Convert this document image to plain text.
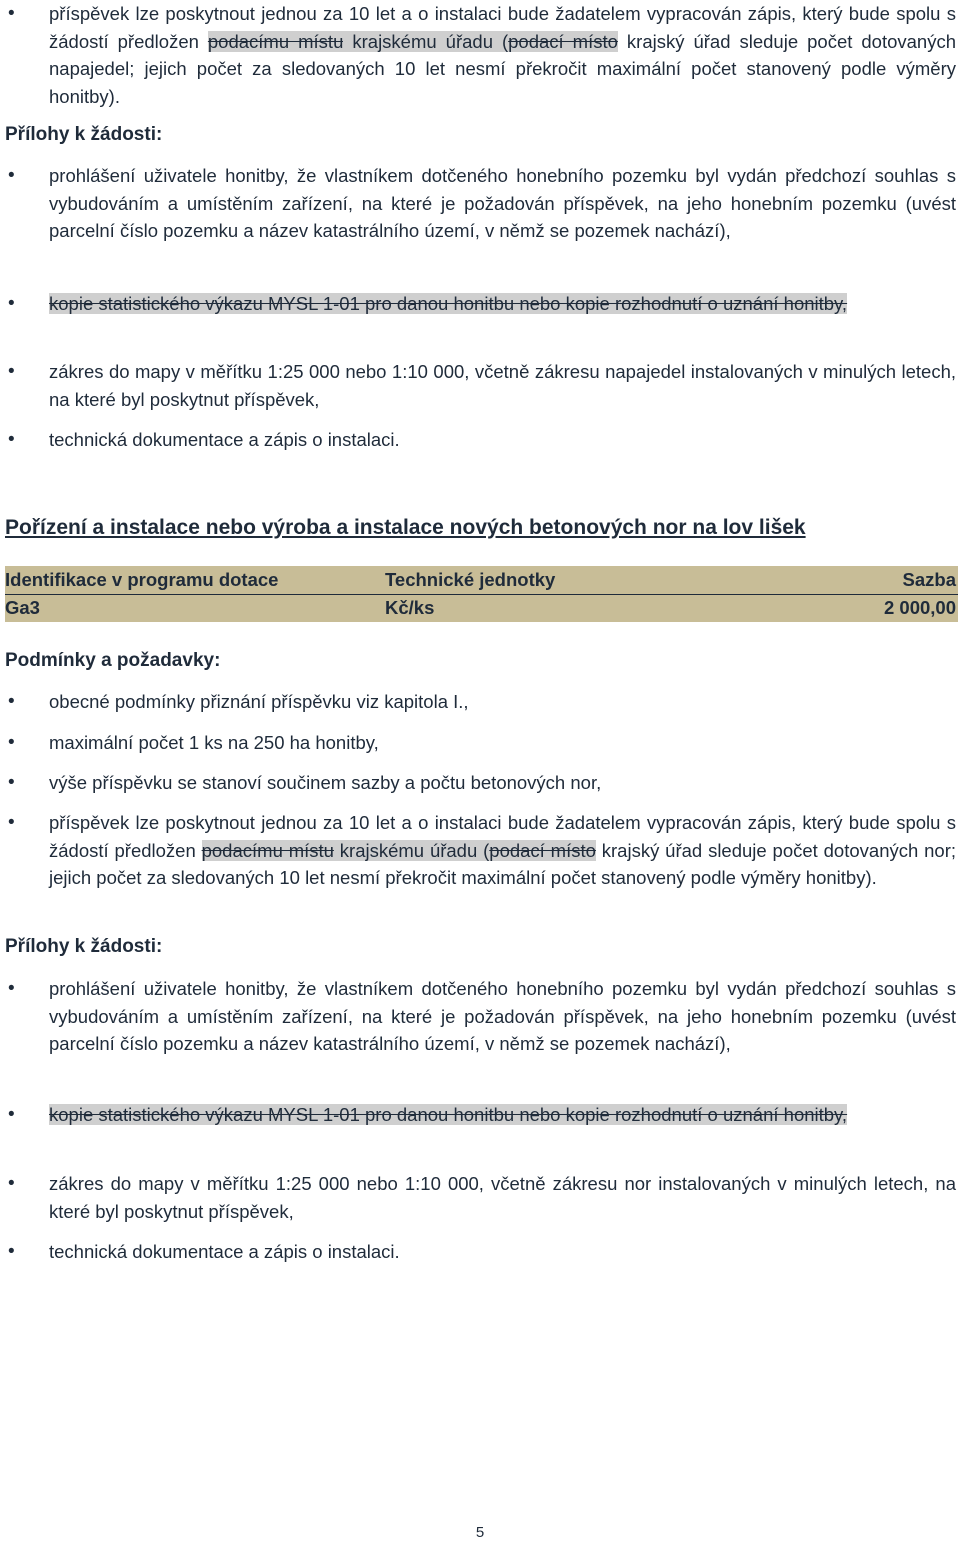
• příspěvek lze poskytnout jednou za 10 let a o instalaci bude žadatelem vypracován zápis, který bude spolu s žádostí předložen podacímu místu krajskému úřadu (podací místo krajský úřad sleduje počet dotovaných napajedel; jejich počet za sledovaných 10 let nesmí překročit maximální počet stanovený podle výměry honitby).
Přílohy k žádosti:
• prohlášení uživatele honitby, že vlastníkem dotčeného honebního pozemku byl vydán předchozí souhlas s vybudováním a umístěním zařízení, na které je požadován příspěvek, na jeho honebním pozemku (uvést parcelní číslo pozemku a název katastrálního území, v němž se pozemek nachází),
• kopie statistického výkazu MYSL 1-01 pro danou honitbu nebo kopie rozhodnutí o uznání honitby,
• zákres do mapy v měřítku 1:25 000 nebo 1:10 000, včetně zákresu napajedel instalovaných v minulých letech, na které byl poskytnut příspěvek,
• technická dokumentace a zápis o instalaci.
Pořízení a instalace nebo výroba a instalace nových betonových nor na lov lišek
Identifikace v programu dotace	Technické jednotky	Sazba
Ga3	Kč/ks	2 000,00
Podmínky a požadavky:
• obecné podmínky přiznání příspěvku viz kapitola I.,
• maximální počet 1 ks na 250 ha honitby,
• výše příspěvku se stanoví součinem sazby a počtu betonových nor,
• příspěvek lze poskytnout jednou za 10 let a o instalaci bude žadatelem vypracován zápis, který bude spolu s žádostí předložen podacímu místu krajskému úřadu (podací místo krajský úřad sleduje počet dotovaných nor; jejich počet za sledovaných 10 let nesmí překročit maximální počet stanovený podle výměry honitby).
Přílohy k žádosti:
• prohlášení uživatele honitby, že vlastníkem dotčeného honebního pozemku byl vydán předchozí souhlas s vybudováním a umístěním zařízení, na které je požadován příspěvek, na jeho honebním pozemku (uvést parcelní číslo pozemku a název katastrálního území, v němž se pozemek nachází),
• kopie statistického výkazu MYSL 1-01 pro danou honitbu nebo kopie rozhodnutí o uznání honitby,
• zákres do mapy v měřítku 1:25 000 nebo 1:10 000, včetně zákresu nor instalovaných v minulých letech, na které byl poskytnut příspěvek,
• technická dokumentace a zápis o instalaci.
5
